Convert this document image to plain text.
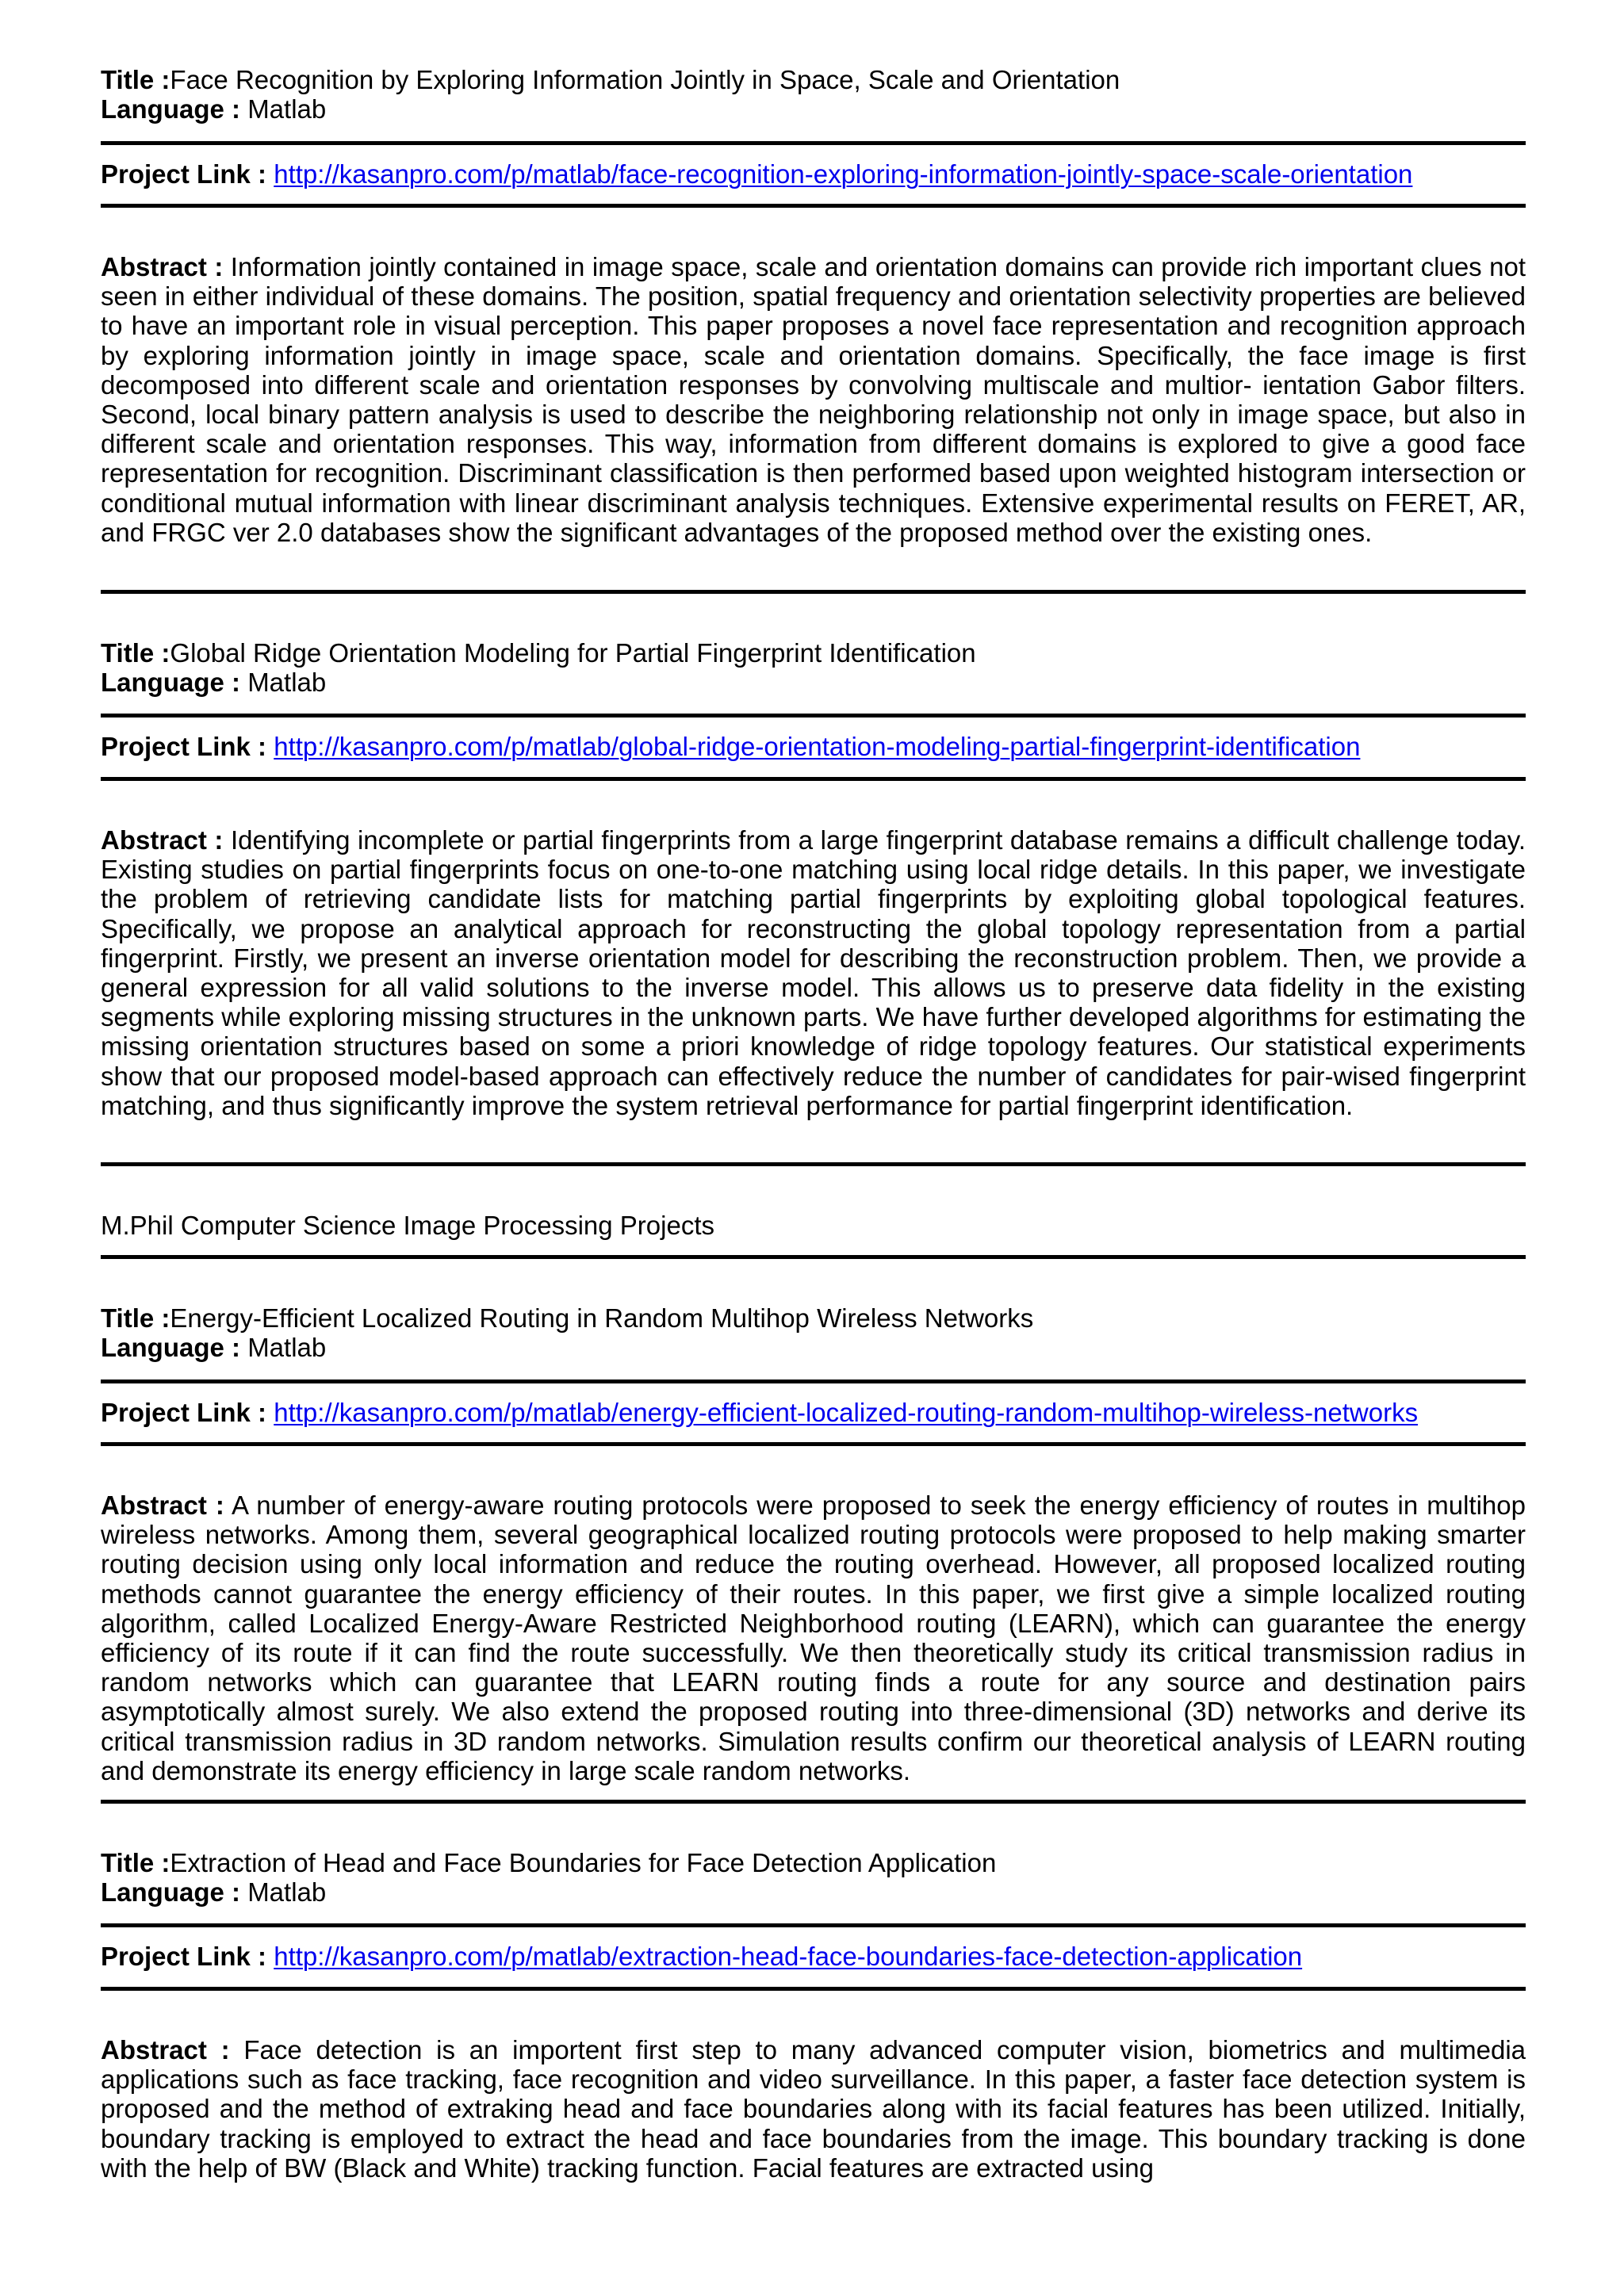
Title :Face Recognition by Exploring Information Jointly in Space, Scale and Orientation
Language : Matlab
Project Link : http://kasanpro.com/p/matlab/face-recognition-exploring-information-jointly-space-scale-orientation
Abstract : Information jointly contained in image space, scale and orientation domains can provide rich important clues not seen in either individual of these domains. The position, spatial frequency and orientation selectivity properties are believed to have an important role in visual perception. This paper proposes a novel face representation and recognition approach by exploring information jointly in image space, scale and orientation domains. Specifically, the face image is first decomposed into different scale and orientation responses by convolving multiscale and multior- ientation Gabor filters. Second, local binary pattern analysis is used to describe the neighboring relationship not only in image space, but also in different scale and orientation responses. This way, information from different domains is explored to give a good face representation for recognition. Discriminant classification is then performed based upon weighted histogram intersection or conditional mutual information with linear discriminant analysis techniques. Extensive experimental results on FERET, AR, and FRGC ver 2.0 databases show the significant advantages of the proposed method over the existing ones.
Title :Global Ridge Orientation Modeling for Partial Fingerprint Identification
Language : Matlab
Project Link : http://kasanpro.com/p/matlab/global-ridge-orientation-modeling-partial-fingerprint-identification
Abstract : Identifying incomplete or partial fingerprints from a large fingerprint database remains a difficult challenge today. Existing studies on partial fingerprints focus on one-to-one matching using local ridge details. In this paper, we investigate the problem of retrieving candidate lists for matching partial fingerprints by exploiting global topological features. Specifically, we propose an analytical approach for reconstructing the global topology representation from a partial fingerprint. Firstly, we present an inverse orientation model for describing the reconstruction problem. Then, we provide a general expression for all valid solutions to the inverse model. This allows us to preserve data fidelity in the existing segments while exploring missing structures in the unknown parts. We have further developed algorithms for estimating the missing orientation structures based on some a priori knowledge of ridge topology features. Our statistical experiments show that our proposed model-based approach can effectively reduce the number of candidates for pair-wised fingerprint matching, and thus significantly improve the system retrieval performance for partial fingerprint identification.
M.Phil Computer Science Image Processing Projects
Title :Energy-Efficient Localized Routing in Random Multihop Wireless Networks
Language : Matlab
Project Link : http://kasanpro.com/p/matlab/energy-efficient-localized-routing-random-multihop-wireless-networks
Abstract : A number of energy-aware routing protocols were proposed to seek the energy efficiency of routes in multihop wireless networks. Among them, several geographical localized routing protocols were proposed to help making smarter routing decision using only local information and reduce the routing overhead. However, all proposed localized routing methods cannot guarantee the energy efficiency of their routes. In this paper, we first give a simple localized routing algorithm, called Localized Energy-Aware Restricted Neighborhood routing (LEARN), which can guarantee the energy efficiency of its route if it can find the route successfully. We then theoretically study its critical transmission radius in random networks which can guarantee that LEARN routing finds a route for any source and destination pairs asymptotically almost surely. We also extend the proposed routing into three-dimensional (3D) networks and derive its critical transmission radius in 3D random networks. Simulation results confirm our theoretical analysis of LEARN routing and demonstrate its energy efficiency in large scale random networks.
Title :Extraction of Head and Face Boundaries for Face Detection Application
Language : Matlab
Project Link : http://kasanpro.com/p/matlab/extraction-head-face-boundaries-face-detection-application
Abstract : Face detection is an importent first step to many advanced computer vision, biometrics and multimedia applications such as face tracking, face recognition and video surveillance. In this paper, a faster face detection system is proposed and the method of extraking head and face boundaries along with its facial features has been utilized. Initially, boundary tracking is employed to extract the head and face boundaries from the image. This boundary tracking is done with the help of BW (Black and White) tracking function. Facial features are extracted using
